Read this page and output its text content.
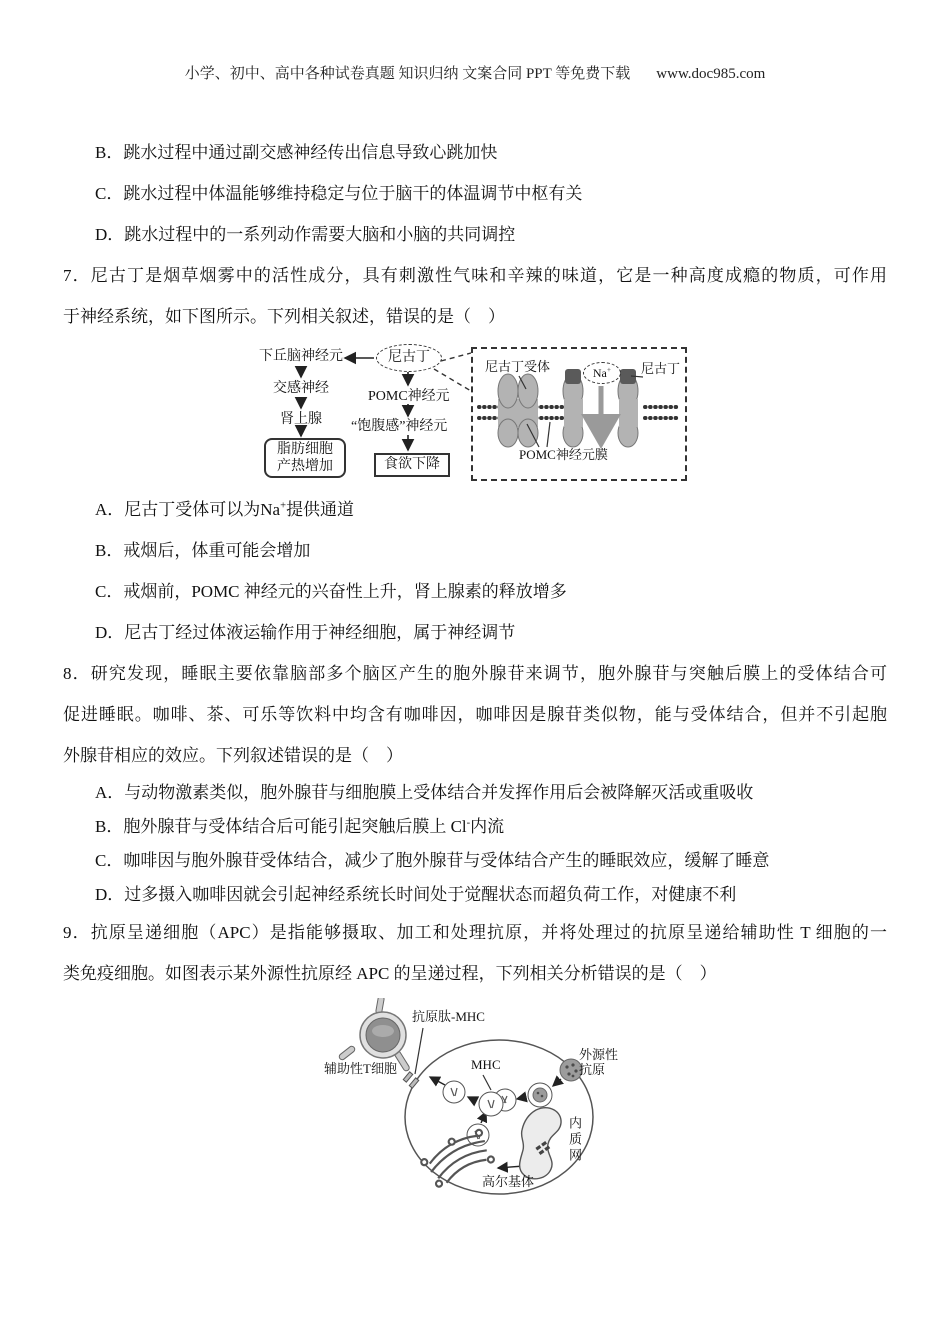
小学、初中、高中各种试卷真题 知识归纳 文案合同 PPT 等免费下载 www.doc985.com
B．跳水过程中通过副交感神经传出信息导致心跳加快
C．跳水过程中体温能够维持稳定与位于脑干的体温调节中枢有关
D．跳水过程中的一系列动作需要大脑和小脑的共同调控
7．尼古丁是烟草烟雾中的活性成分，具有刺激性气味和辛辣的味道，它是一种高度成瘾的物质，可作用
于神经系统，如下图所示。下列相关叙述，错误的是（　）
下丘脑神经元	尼古丁
交感神经
肾上腺
脂肪细胞
产热增加
POMC神经元
“饱腹感”神经元
食欲下降
尼古丁受体	Na+	尼古丁
POMC神经元膜
A．尼古丁受体可以为Na+提供通道
B．戒烟后，体重可能会增加
C．戒烟前，POMC 神经元的兴奋性上升，肾上腺素的释放增多
D．尼古丁经过体液运输作用于神经细胞，属于神经调节
8．研究发现，睡眠主要依靠脑部多个脑区产生的胞外腺苷来调节，胞外腺苷与突触后膜上的受体结合可
促进睡眠。咖啡、茶、可乐等饮料中均含有咖啡因，咖啡因是腺苷类似物，能与受体结合，但并不引起胞
外腺苷相应的效应。下列叙述错误的是（　）
A．与动物激素类似，胞外腺苷与细胞膜上受体结合并发挥作用后会被降解灭活或重吸收
B．胞外腺苷与受体结合后可能引起突触后膜上 Cl-内流
C．咖啡因与胞外腺苷受体结合，减少了胞外腺苷与受体结合产生的睡眠效应，缓解了睡意
D．过多摄入咖啡因就会引起神经系统长时间处于觉醒状态而超负荷工作，对健康不利
9．抗原呈递细胞（APC）是指能够摄取、加工和处理抗原，并将处理过的抗原呈递给辅助性 T 细胞的一
类免疫细胞。如图表示某外源性抗原经 APC 的呈递过程，下列相关分析错误的是（　）
抗原肽-MHC
辅助性T细胞	MHC
外源性
抗原
内质网
高尔基体
